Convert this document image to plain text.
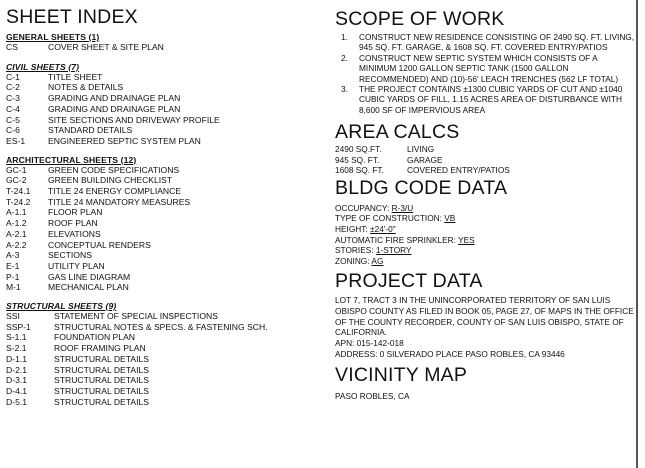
SHEET INDEX
GENERAL SHEETS (1)
CS	COVER SHEET & SITE PLAN
CIVIL SHEETS (7)
C-1	TITLE SHEET
C-2	NOTES & DETAILS
C-3	GRADING AND DRAINAGE PLAN
C-4	GRADING AND DRAINAGE PLAN
C-5	SITE SECTIONS AND DRIVEWAY PROFILE
C-6	STANDARD DETAILS
ES-1	ENGINEERED SEPTIC SYSTEM PLAN
ARCHITECTURAL SHEETS (12)
GC-1	GREEN CODE SPECIFICATIONS
GC-2	GREEN BUILDING CHECKLIST
T-24.1	TITLE 24 ENERGY COMPLIANCE
T-24.2	TITLE 24 MANDATORY MEASURES
A-1.1	FLOOR PLAN
A-1.2	ROOF PLAN
A-2.1	ELEVATIONS
A-2.2	CONCEPTUAL RENDERS
A-3	SECTIONS
E-1	UTILITY PLAN
P-1	GAS LINE DIAGRAM
M-1	MECHANICAL PLAN
STRUCTURAL SHEETS (9)
SSI	STATEMENT OF SPECIAL INSPECTIONS
SSP-1	STRUCTURAL NOTES & SPECS. & FASTENING SCH.
S-1.1	FOUNDATION PLAN
S-2.1	ROOF FRAMING PLAN
D-1.1	STRUCTURAL DETAILS
D-2.1	STRUCTURAL DETAILS
D-3.1	STRUCTURAL DETAILS
D-4.1	STRUCTURAL DETAILS
D-5.1	STRUCTURAL DETAILS
SCOPE OF WORK
1.	CONSTRUCT NEW RESIDENCE CONSISTING OF 2490 SQ. FT. LIVING, 945 SQ. FT. GARAGE, & 1608 SQ. FT. COVERED ENTRY/PATIOS
2.	CONSTRUCT NEW SEPTIC SYSTEM WHICH CONSISTS OF A MINIMUM 1200 GALLON SEPTIC TANK (1500 GALLON RECOMMENDED) AND (10)-56' LEACH TRENCHES (562 LF TOTAL)
3.	THE PROJECT CONTAINS ±1300 CUBIC YARDS OF CUT AND ±1040 CUBIC YARDS OF FILL, 1.15 ACRES AREA OF DISTURBANCE WITH 8,600 SF OF IMPERVIOUS AREA
AREA CALCS
2490 SQ.FT.	LIVING
945 SQ. FT.	GARAGE
1608 SQ. FT.	COVERED ENTRY/PATIOS
BLDG CODE DATA
OCCUPANCY: R-3/U
TYPE OF CONSTRUCTION: VB
HEIGHT: ±24'-0"
AUTOMATIC FIRE SPRINKLER: YES
STORIES: 1-STORY
ZONING: AG
PROJECT DATA
LOT 7, TRACT 3 IN THE UNINCORPORATED TERRITORY OF SAN LUIS OBISPO COUNTY AS FILED IN BOOK 05, PAGE 27, OF MAPS IN THE OFFICE OF THE COUNTY RECORDER, COUNTY OF SAN LUIS OBISPO, STATE OF CALIFORNIA.
APN: 015-142-018
ADDRESS: 0 SILVERADO PLACE PASO ROBLES, CA 93446
VICINITY MAP
PASO ROBLES, CA
